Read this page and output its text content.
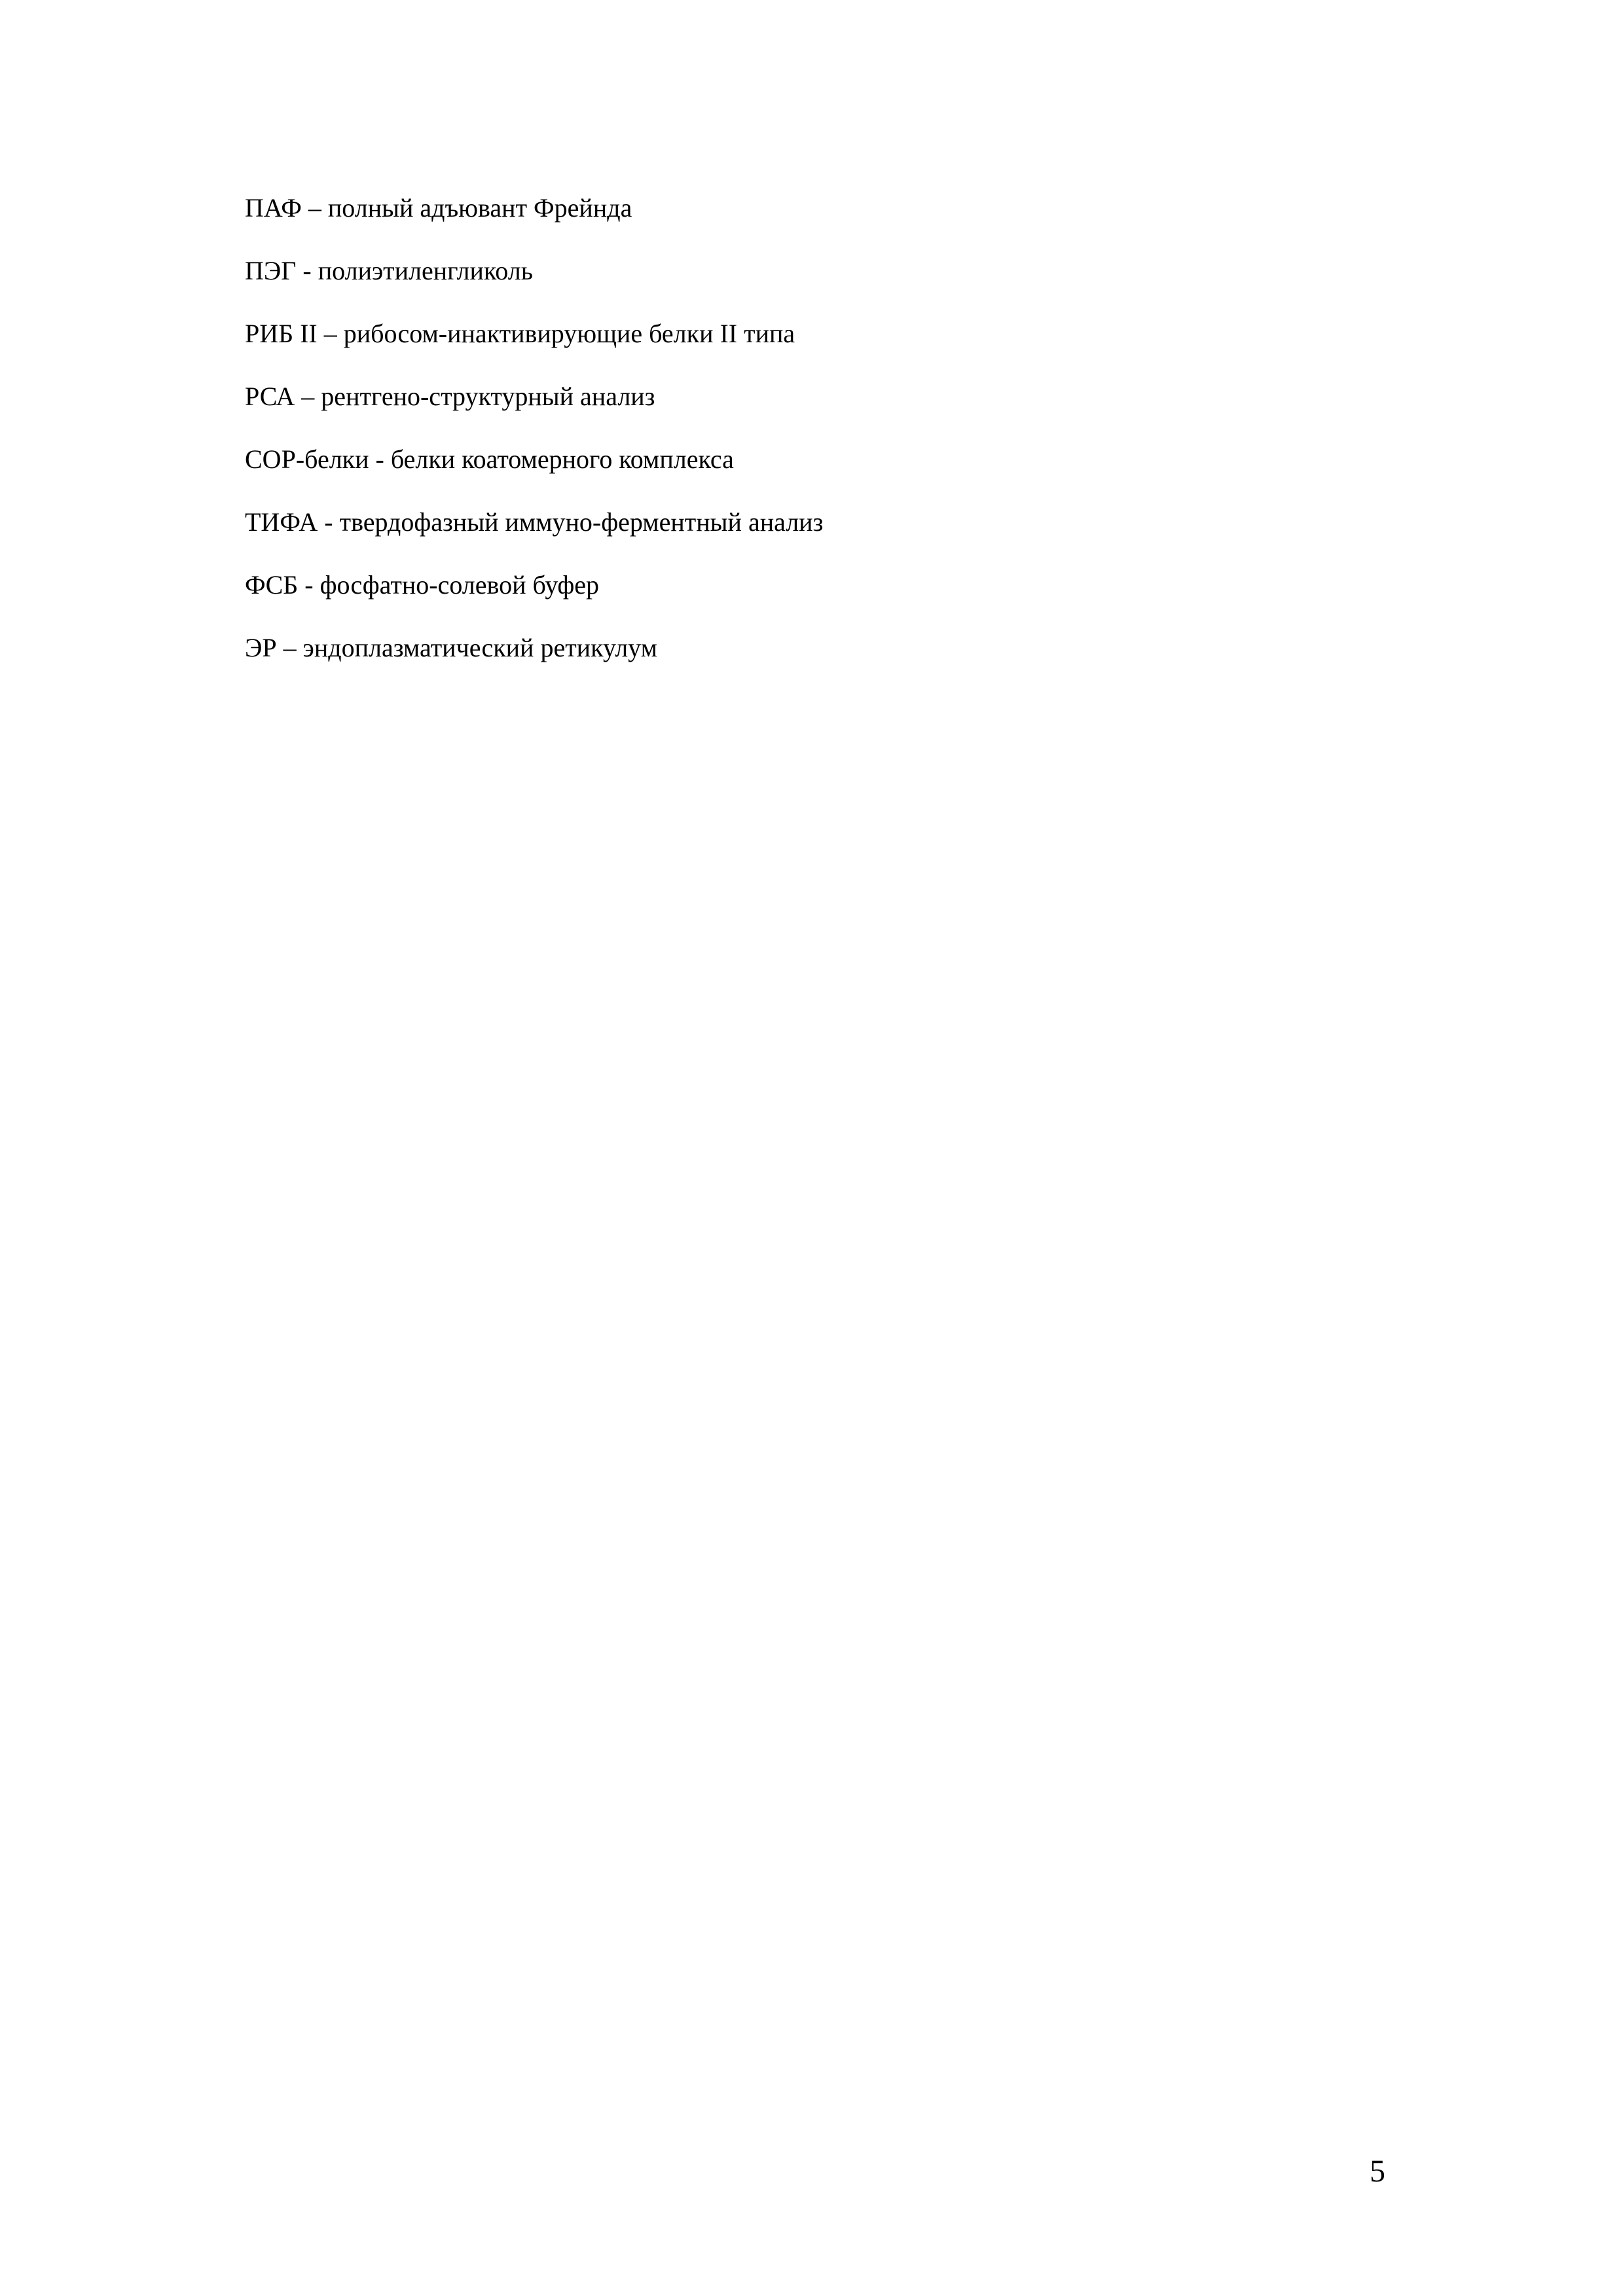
ПАФ – полный адъювант Фрейнда
ПЭГ - полиэтиленгликоль
РИБ II – рибосом-инактивирующие белки II типа
РСА – рентгено-структурный анализ
СОР-белки - белки коатомерного комплекса
ТИФА - твердофазный иммуно-ферментный анализ
ФСБ - фосфатно-солевой буфер
ЭР – эндоплазматический ретикулум
5
